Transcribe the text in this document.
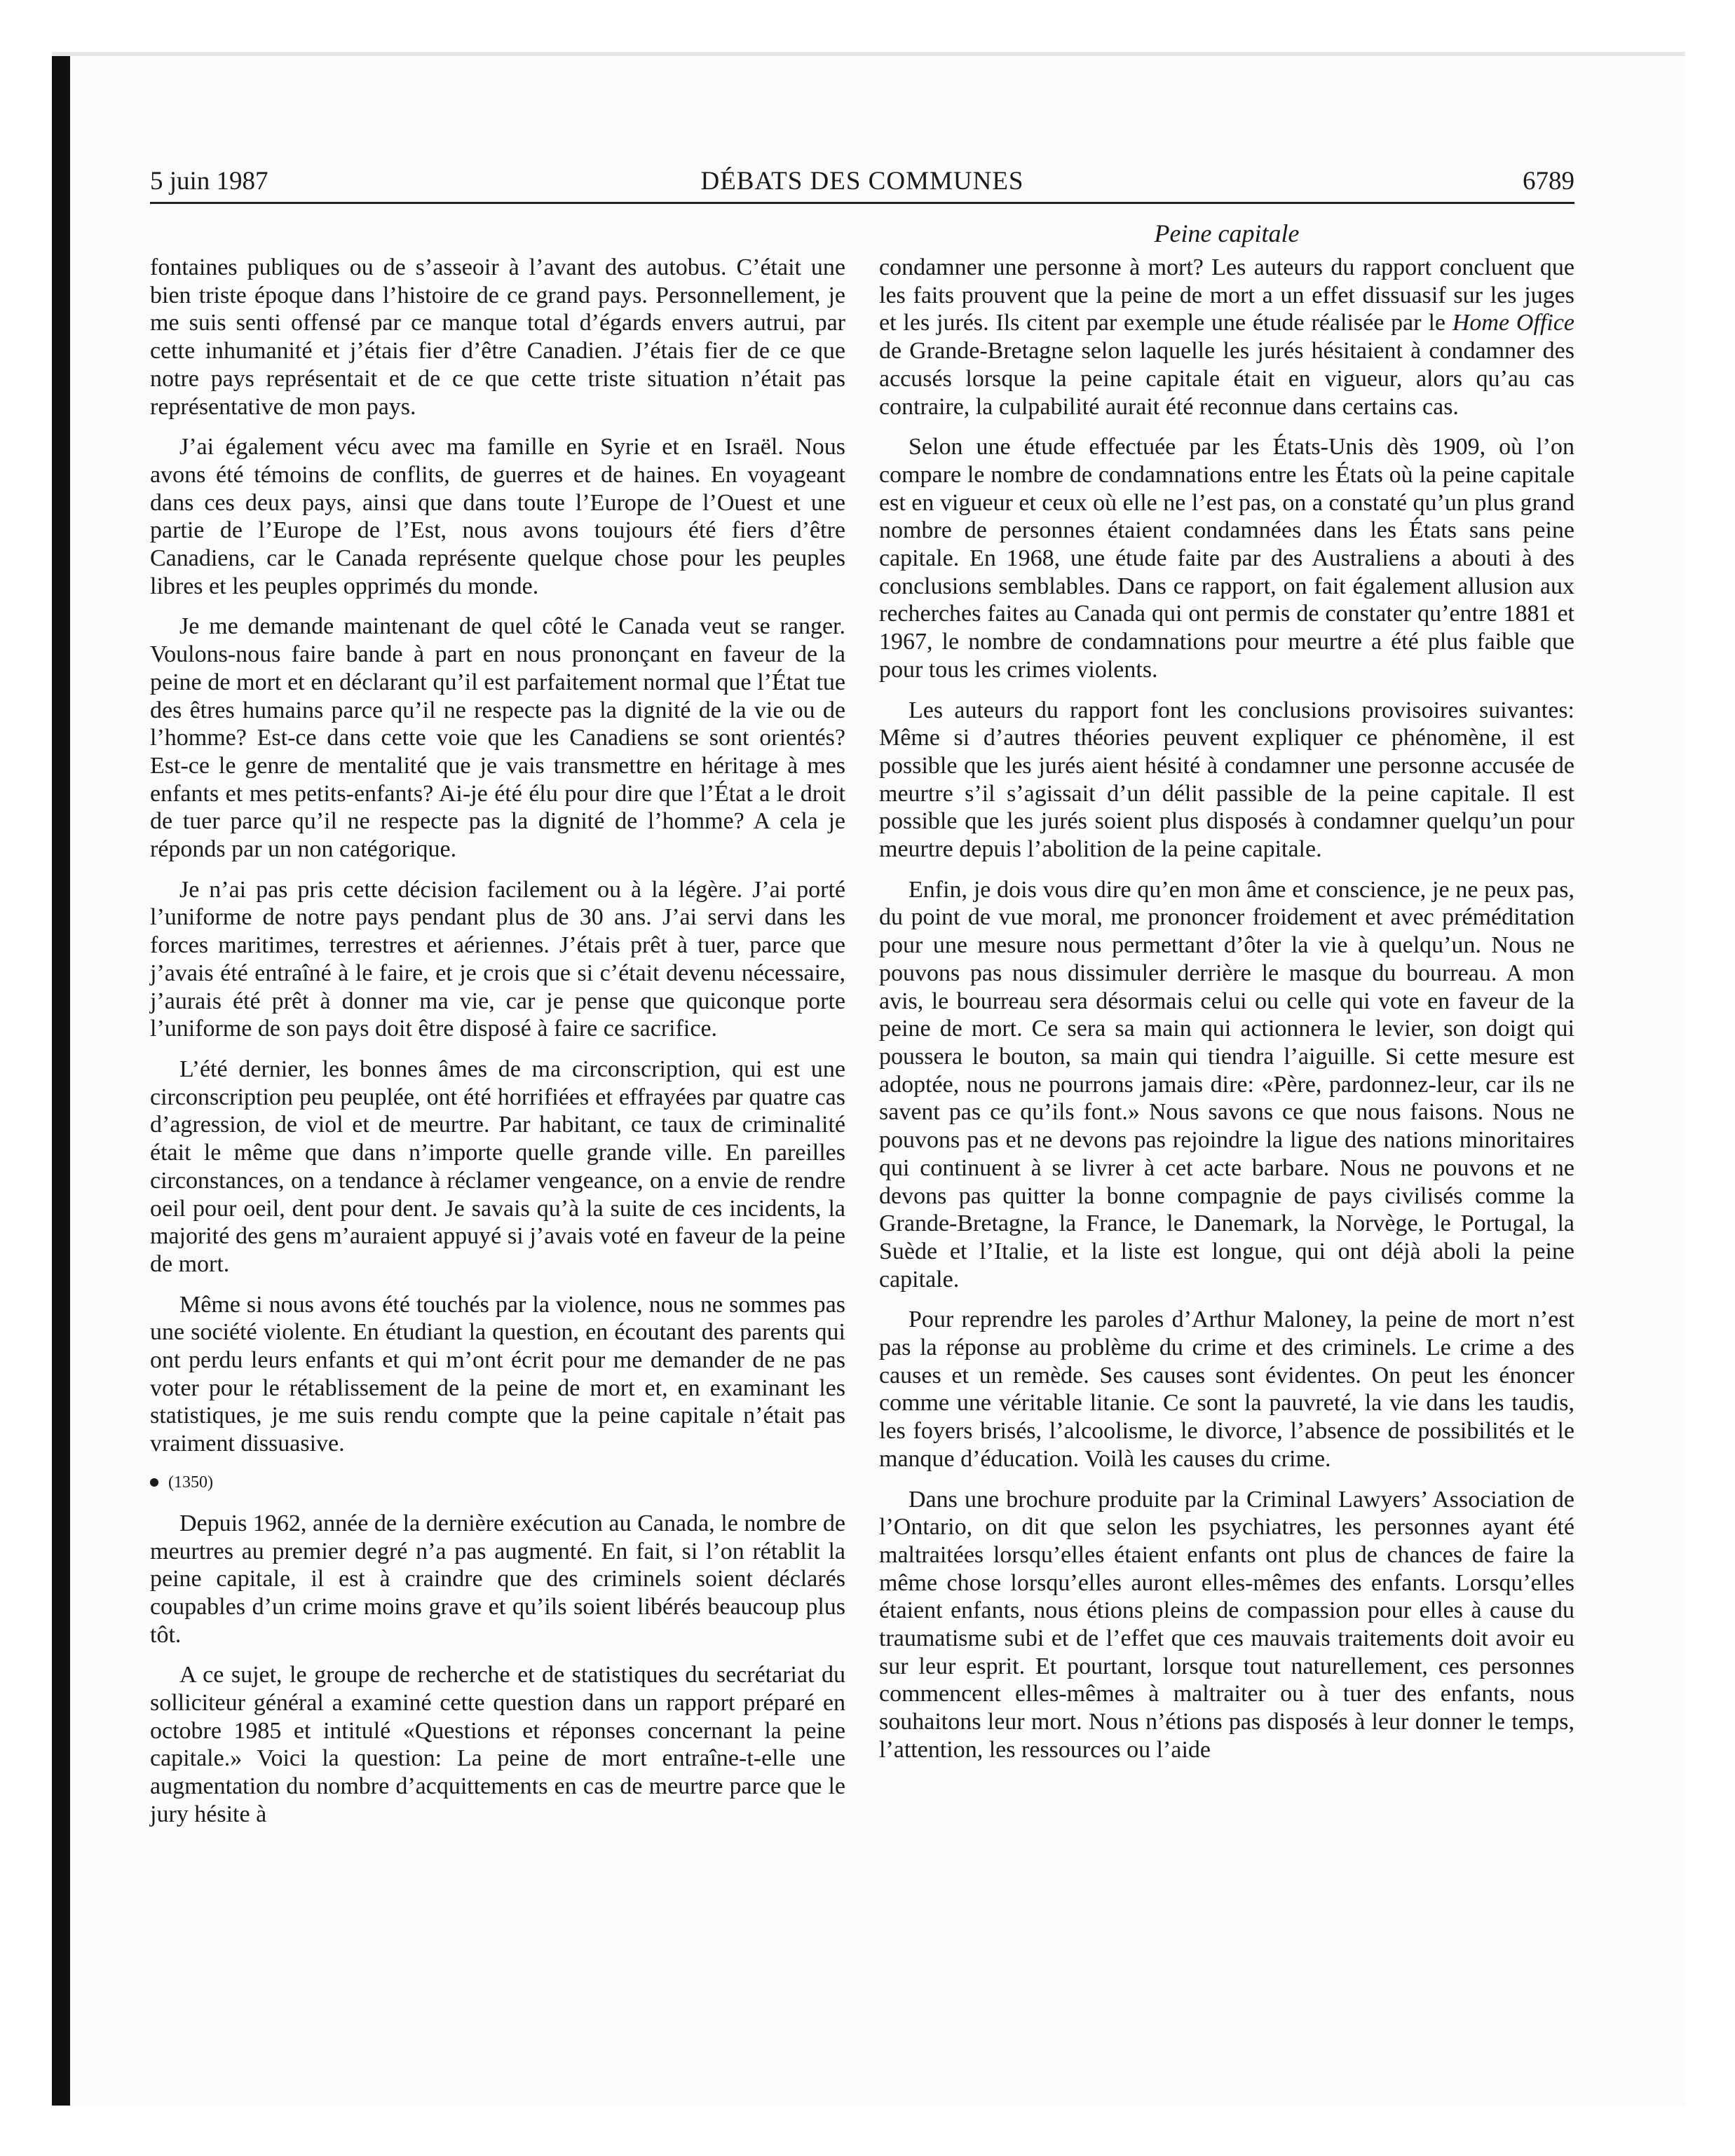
5 juin 1987	DÉBATS DES COMMUNES	6789
Peine capitale

fontaines publiques ou de s’asseoir à l’avant des autobus. C’était une bien triste époque dans l’histoire de ce grand pays. Personnellement, je me suis senti offensé par ce manque total d’égards envers autrui, par cette inhumanité et j’étais fier d’être Canadien. J’étais fier de ce que notre pays représentait et de ce que cette triste situation n’était pas représentative de mon pays.

J’ai également vécu avec ma famille en Syrie et en Israël. Nous avons été témoins de conflits, de guerres et de haines. En voyageant dans ces deux pays, ainsi que dans toute l’Europe de l’Ouest et une partie de l’Europe de l’Est, nous avons toujours été fiers d’être Canadiens, car le Canada représente quelque chose pour les peuples libres et les peuples opprimés du monde.

Je me demande maintenant de quel côté le Canada veut se ranger. Voulons-nous faire bande à part en nous prononçant en faveur de la peine de mort et en déclarant qu’il est parfaitement normal que l’État tue des êtres humains parce qu’il ne respecte pas la dignité de la vie ou de l’homme? Est-ce dans cette voie que les Canadiens se sont orientés? Est-ce le genre de mentalité que je vais transmettre en héritage à mes enfants et mes petits-enfants? Ai-je été élu pour dire que l’État a le droit de tuer parce qu’il ne respecte pas la dignité de l’homme? A cela je réponds par un non catégorique.

Je n’ai pas pris cette décision facilement ou à la légère. J’ai porté l’uniforme de notre pays pendant plus de 30 ans. J’ai servi dans les forces maritimes, terrestres et aériennes. J’étais prêt à tuer, parce que j’avais été entraîné à le faire, et je crois que si c’était devenu nécessaire, j’aurais été prêt à donner ma vie, car je pense que quiconque porte l’uniforme de son pays doit être disposé à faire ce sacrifice.

L’été dernier, les bonnes âmes de ma circonscription, qui est une circonscription peu peuplée, ont été horrifiées et effrayées par quatre cas d’agression, de viol et de meurtre. Par habitant, ce taux de criminalité était le même que dans n’importe quelle grande ville. En pareilles circonstances, on a tendance à réclamer vengeance, on a envie de rendre oeil pour oeil, dent pour dent. Je savais qu’à la suite de ces incidents, la majorité des gens m’auraient appuyé si j’avais voté en faveur de la peine de mort.

Même si nous avons été touchés par la violence, nous ne sommes pas une société violente. En étudiant la question, en écoutant des parents qui ont perdu leurs enfants et qui m’ont écrit pour me demander de ne pas voter pour le rétablissement de la peine de mort et, en examinant les statistiques, je me suis rendu compte que la peine capitale n’était pas vraiment dissuasive.

(1350)

Depuis 1962, année de la dernière exécution au Canada, le nombre de meurtres au premier degré n’a pas augmenté. En fait, si l’on rétablit la peine capitale, il est à craindre que des criminels soient déclarés coupables d’un crime moins grave et qu’ils soient libérés beaucoup plus tôt.

A ce sujet, le groupe de recherche et de statistiques du secrétariat du solliciteur général a examiné cette question dans un rapport préparé en octobre 1985 et intitulé «Questions et réponses concernant la peine capitale.» Voici la question: La peine de mort entraîne-t-elle une augmentation du nombre d’acquittements en cas de meurtre parce que le jury hésite à

condamner une personne à mort? Les auteurs du rapport concluent que les faits prouvent que la peine de mort a un effet dissuasif sur les juges et les jurés. Ils citent par exemple une étude réalisée par le Home Office de Grande-Bretagne selon laquelle les jurés hésitaient à condamner des accusés lorsque la peine capitale était en vigueur, alors qu’au cas contraire, la culpabilité aurait été reconnue dans certains cas.

Selon une étude effectuée par les États-Unis dès 1909, où l’on compare le nombre de condamnations entre les États où la peine capitale est en vigueur et ceux où elle ne l’est pas, on a constaté qu’un plus grand nombre de personnes étaient condamnées dans les États sans peine capitale. En 1968, une étude faite par des Australiens a abouti à des conclusions semblables. Dans ce rapport, on fait également allusion aux recherches faites au Canada qui ont permis de constater qu’entre 1881 et 1967, le nombre de condamnations pour meurtre a été plus faible que pour tous les crimes violents.

Les auteurs du rapport font les conclusions provisoires suivantes: Même si d’autres théories peuvent expliquer ce phénomène, il est possible que les jurés aient hésité à condamner une personne accusée de meurtre s’il s’agissait d’un délit passible de la peine capitale. Il est possible que les jurés soient plus disposés à condamner quelqu’un pour meurtre depuis l’abolition de la peine capitale.

Enfin, je dois vous dire qu’en mon âme et conscience, je ne peux pas, du point de vue moral, me prononcer froidement et avec préméditation pour une mesure nous permettant d’ôter la vie à quelqu’un. Nous ne pouvons pas nous dissimuler derrière le masque du bourreau. A mon avis, le bourreau sera désormais celui ou celle qui vote en faveur de la peine de mort. Ce sera sa main qui actionnera le levier, son doigt qui poussera le bouton, sa main qui tiendra l’aiguille. Si cette mesure est adoptée, nous ne pourrons jamais dire: «Père, pardonnez-leur, car ils ne savent pas ce qu’ils font.» Nous savons ce que nous faisons. Nous ne pouvons pas et ne devons pas rejoindre la ligue des nations minoritaires qui continuent à se livrer à cet acte barbare. Nous ne pouvons et ne devons pas quitter la bonne compagnie de pays civilisés comme la Grande-Bretagne, la France, le Danemark, la Norvège, le Portugal, la Suède et l’Italie, et la liste est longue, qui ont déjà aboli la peine capitale.

Pour reprendre les paroles d’Arthur Maloney, la peine de mort n’est pas la réponse au problème du crime et des criminels. Le crime a des causes et un remède. Ses causes sont évidentes. On peut les énoncer comme une véritable litanie. Ce sont la pauvreté, la vie dans les taudis, les foyers brisés, l’alcoolisme, le divorce, l’absence de possibilités et le manque d’éducation. Voilà les causes du crime.

Dans une brochure produite par la Criminal Lawyers’ Association de l’Ontario, on dit que selon les psychiatres, les personnes ayant été maltraitées lorsqu’elles étaient enfants ont plus de chances de faire la même chose lorsqu’elles auront elles-mêmes des enfants. Lorsqu’elles étaient enfants, nous étions pleins de compassion pour elles à cause du traumatisme subi et de l’effet que ces mauvais traitements doit avoir eu sur leur esprit. Et pourtant, lorsque tout naturellement, ces personnes commencent elles-mêmes à maltraiter ou à tuer des enfants, nous souhaitons leur mort. Nous n’étions pas disposés à leur donner le temps, l’attention, les ressources ou l’aide
